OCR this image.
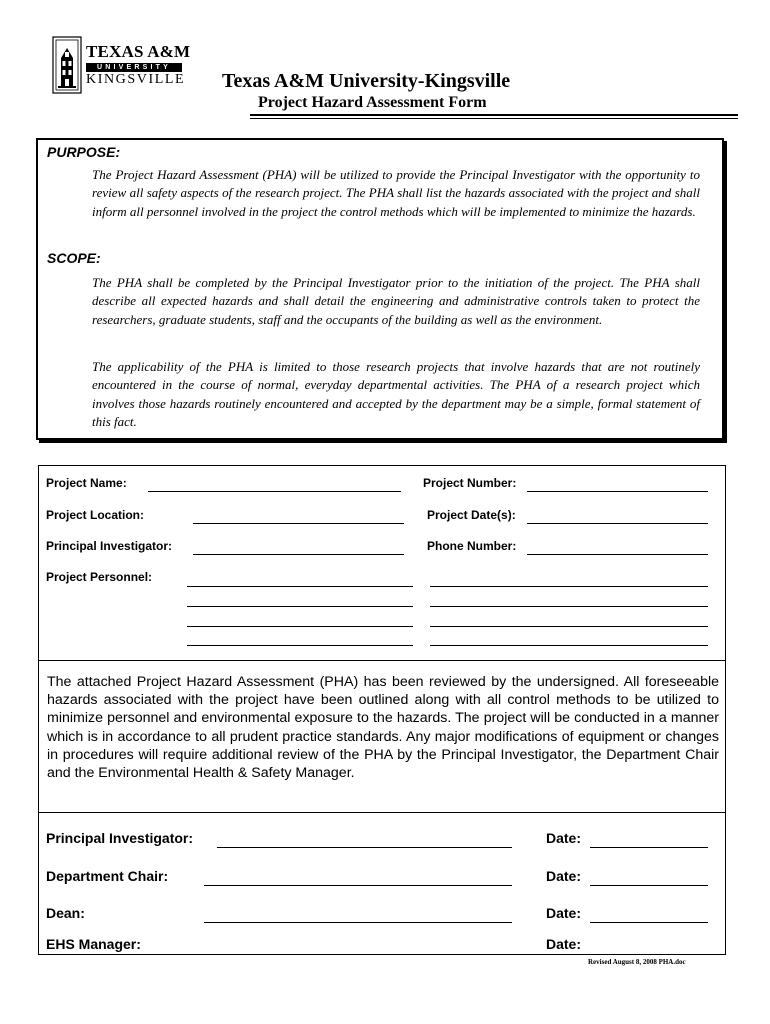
TEXAS A&M
UNIVERSITY
KINGSVILLE Texas A&M University-Kingsville
Project Hazard Assessment Form
PURPOSE:
The Project Hazard Assessment (PHA) will be utilized to provide the Principal Investigator with the opportunity to review all safety aspects of the research project. The PHA shall list the hazards associated with the project and shall inform all personnel involved in the project the control methods which will be implemented to minimize the hazards.
SCOPE:
The PHA shall be completed by the Principal Investigator prior to the initiation of the project. The PHA shall describe all expected hazards and shall detail the engineering and administrative controls taken to protect the researchers, graduate students, staff and the occupants of the building as well as the environment.
The applicability of the PHA is limited to those research projects that involve hazards that are not routinely encountered in the course of normal, everyday departmental activities. The PHA of a research project which involves those hazards routinely encountered and accepted by the department may be a simple, formal statement of this fact.
Project Name:	Project Number:
Project Location:	Project Date(s):
Principal Investigator:	Phone Number:
Project Personnel:
The attached Project Hazard Assessment (PHA) has been reviewed by the undersigned. All foreseeable hazards associated with the project have been outlined along with all control methods to be utilized to minimize personnel and environmental exposure to the hazards. The project will be conducted in a manner which is in accordance to all prudent practice standards. Any major modifications of equipment or changes in procedures will require additional review of the PHA by the Principal Investigator, the Department Chair and the Environmental Health & Safety Manager.
Principal Investigator:	Date:
Department Chair:	Date:
Dean:	Date:
EHS Manager:	Date:
Revised August 8, 2008 PHA.doc
